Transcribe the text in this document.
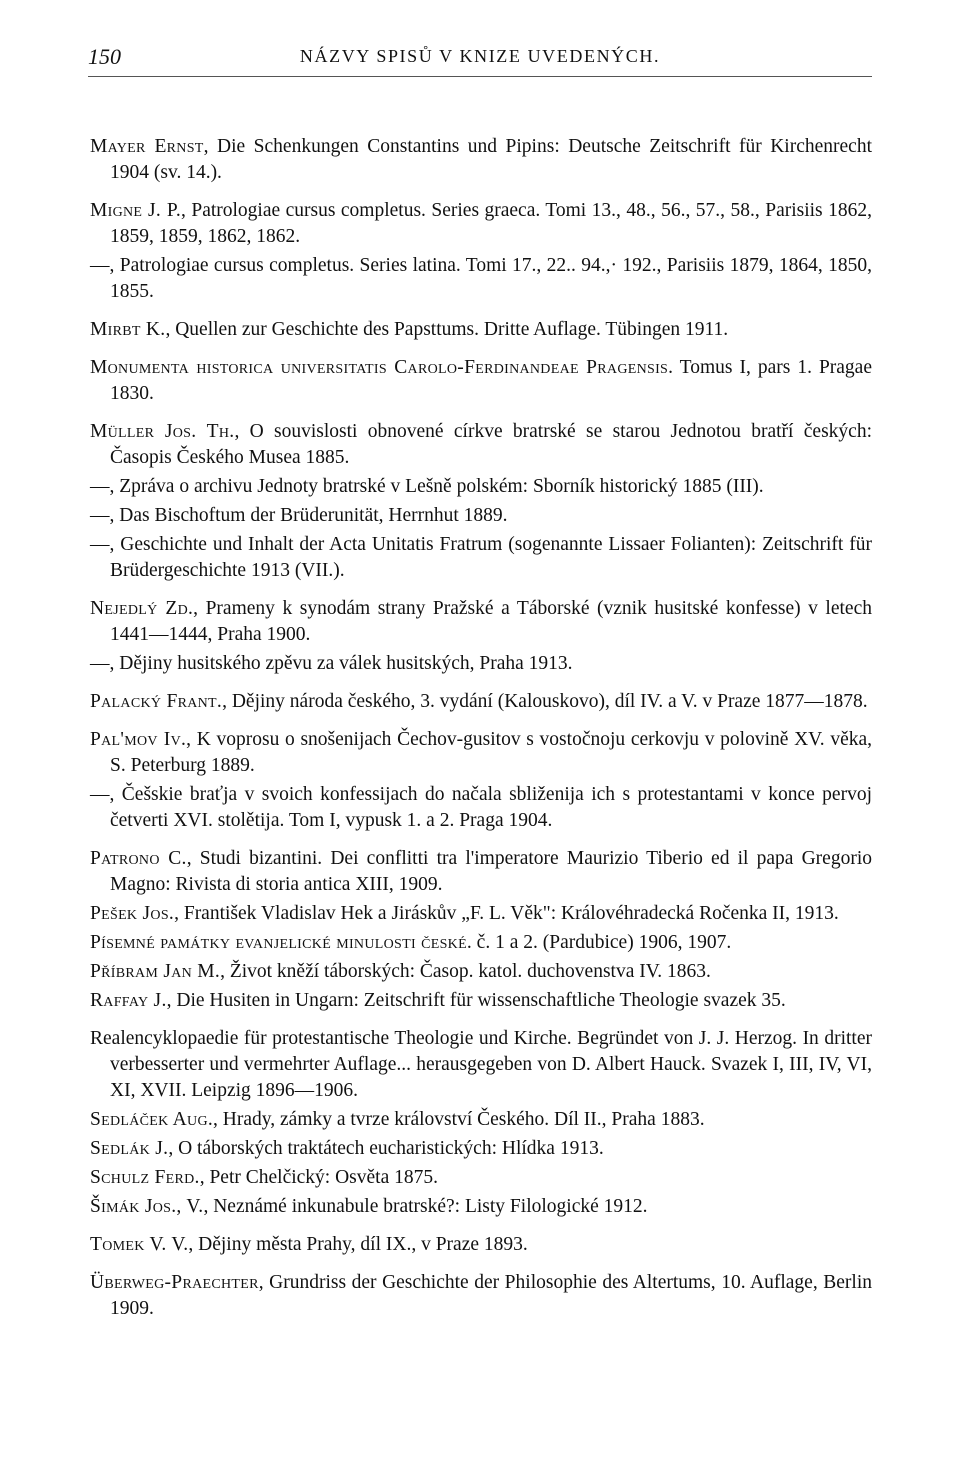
150	NÁZVY SPISŮ V KNIZE UVEDENÝCH.

Mayer Ernst, Die Schenkungen Constantins und Pipins: Deutsche Zeitschrift für Kirchenrecht 1904 (sv. 14.).

Migne J. P., Patrologiae cursus completus. Series graeca. Tomi 13., 48., 56., 57., 58., Parisiis 1862, 1859, 1859, 1862, 1862.

—, Patrologiae cursus completus. Series latina. Tomi 17., 22.. 94.,· 192., Parisiis 1879, 1864, 1850, 1855.

Mirbt K., Quellen zur Geschichte des Papsttums. Dritte Auflage. Tübingen 1911.

Monumenta historica universitatis Carolo-Ferdinandeae Pragensis. Tomus I, pars 1. Pragae 1830.

Müller Jos. Th., O souvislosti obnovené církve bratrské se starou Jednotou bratří českých: Časopis Českého Musea 1885.

—, Zpráva o archivu Jednoty bratrské v Lešně polském: Sborník historický 1885 (III).

—, Das Bischoftum der Brüderunität, Herrnhut 1889.

—, Geschichte und Inhalt der Acta Unitatis Fratrum (sogenannte Lissaer Folianten): Zeitschrift für Brüdergeschichte 1913 (VII.).

Nejedlý Zd., Prameny k synodám strany Pražské a Táborské (vznik husitské konfesse) v letech 1441—1444, Praha 1900.

—, Dějiny husitského zpěvu za válek husitských, Praha 1913.

Palacký Frant., Dějiny národa českého, 3. vydání (Kalouskovo), díl IV. a V. v Praze 1877—1878.

Pal'mov Iv., K voprosu o snošenijach Čechov-gusitov s vostočnoju cerkovju v polovině XV. věka, S. Peterburg 1889.

—, Češskie braťja v svoich konfessijach do načala sbliženija ich s protestantami v konce pervoj četverti XVI. stolětija. Tom I, vypusk 1. a 2. Praga 1904.

Patrono C., Studi bizantini. Dei conflitti tra l'imperatore Maurizio Tiberio ed il papa Gregorio Magno: Rivista di storia antica XIII, 1909.

Pešek Jos., František Vladislav Hek a Jiráskův „F. L. Věk": Královéhradecká Ročenka II, 1913.

Písemné památky evanjelické minulosti české. č. 1 a 2. (Pardubice) 1906, 1907.

Příbram Jan M., Život kněží táborských: Časop. katol. duchovenstva IV. 1863.

Raffay J., Die Husiten in Ungarn: Zeitschrift für wissenschaftliche Theologie svazek 35.

Realencyklopaedie für protestantische Theologie und Kirche. Begründet von J. J. Herzog. In dritter verbesserter und vermehrter Auflage... herausgegeben von D. Albert Hauck. Svazek I, III, IV, VI, XI, XVII. Leipzig 1896—1906.

Sedláček Aug., Hrady, zámky a tvrze království Českého. Díl II., Praha 1883.

Sedlák J., O táborských traktátech eucharistických: Hlídka 1913.

Schulz Ferd., Petr Chelčický: Osvěta 1875.

Šimák Jos., V., Neznámé inkunabule bratrské?: Listy Filologické 1912.

Tomek V. V., Dějiny města Prahy, díl IX., v Praze 1893.

Überweg-Praechter, Grundriss der Geschichte der Philosophie des Altertums, 10. Auflage, Berlin 1909.
